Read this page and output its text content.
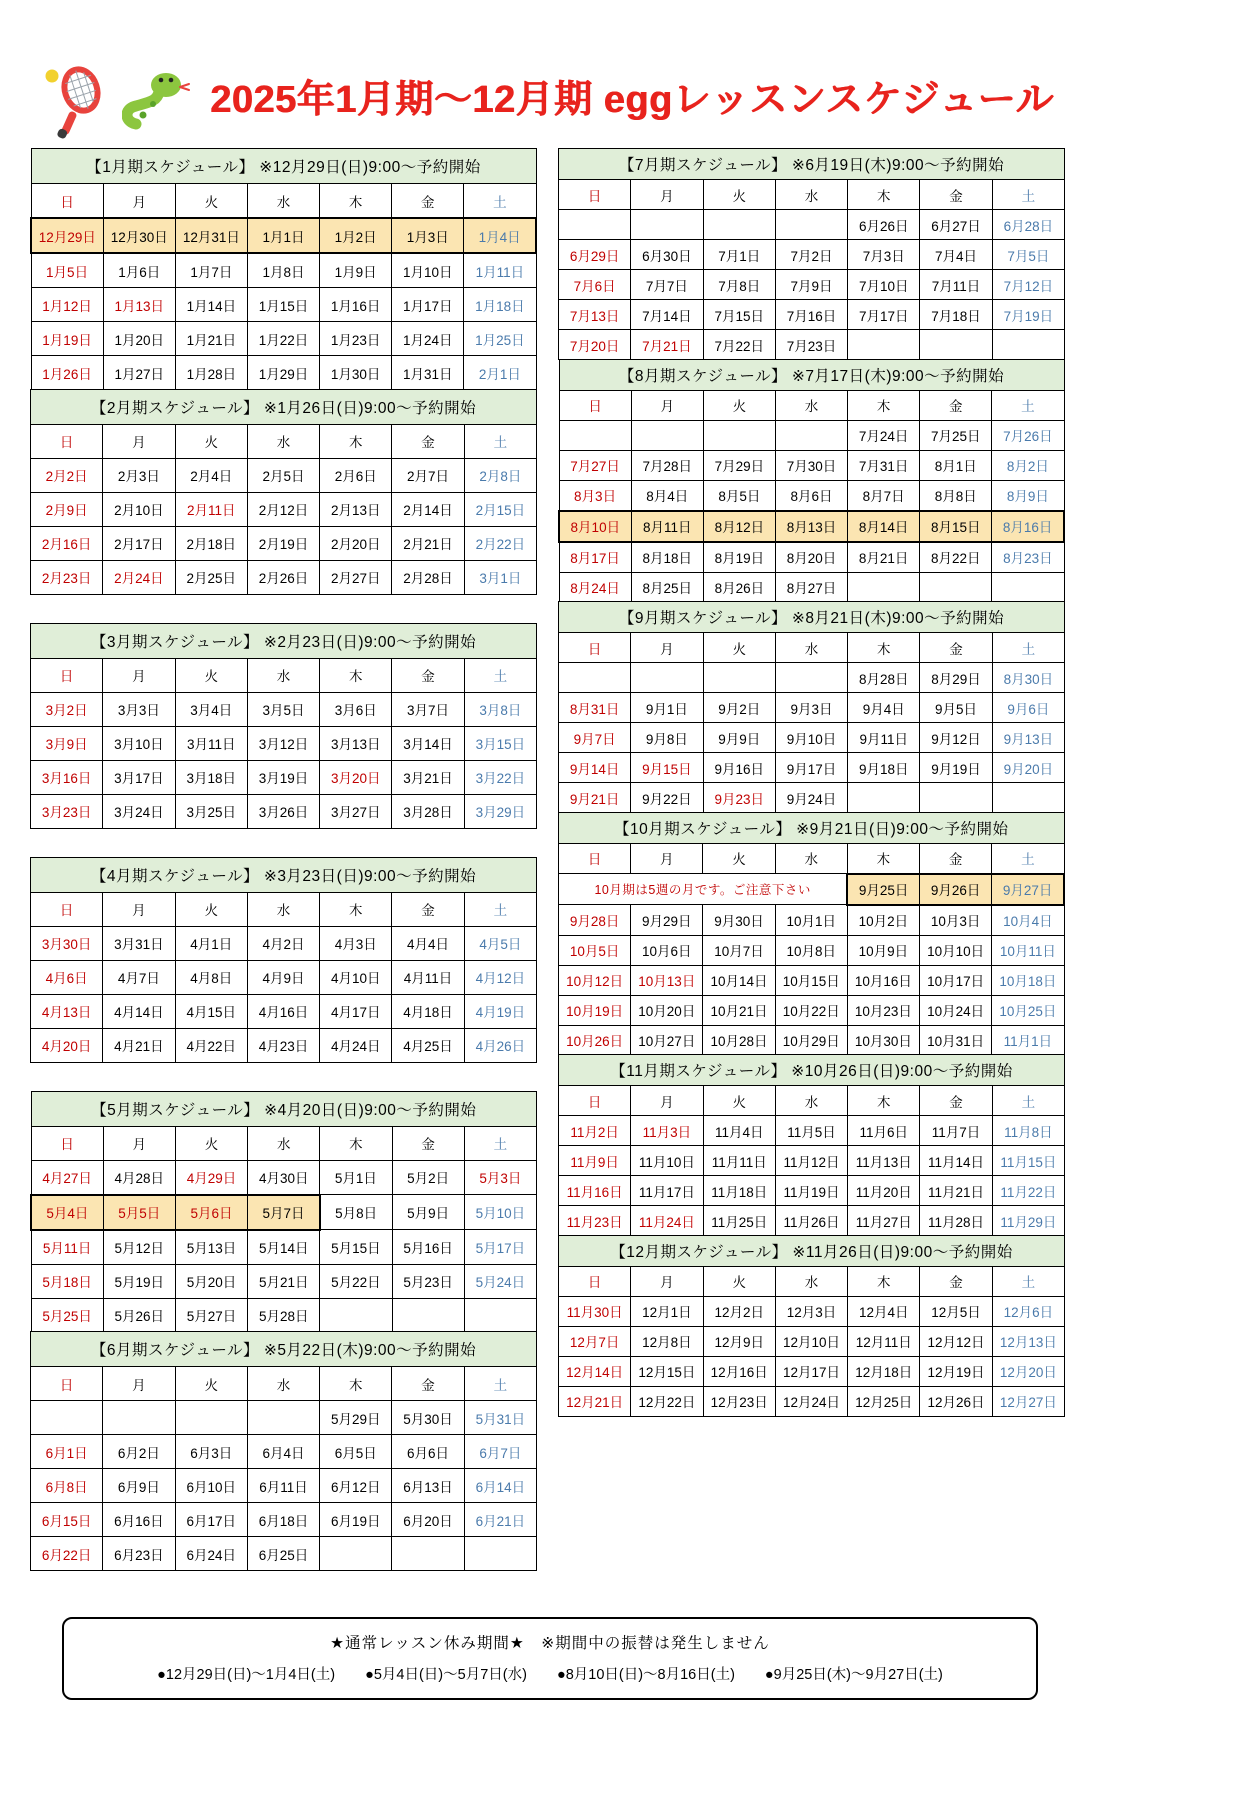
2025年1月期～12月期 eggレッスンスケジュール
【1月期スケジュール】 ※12月29日(日)9:00～予約開始						
日	月	火	水	木	金	土
12月29日	12月30日	12月31日	1月1日	1月2日	1月3日	1月4日
1月5日	1月6日	1月7日	1月8日	1月9日	1月10日	1月11日
1月12日	1月13日	1月14日	1月15日	1月16日	1月17日	1月18日
1月19日	1月20日	1月21日	1月22日	1月23日	1月24日	1月25日
1月26日	1月27日	1月28日	1月29日	1月30日	1月31日	2月1日
【2月期スケジュール】 ※1月26日(日)9:00～予約開始						
日	月	火	水	木	金	土
2月2日	2月3日	2月4日	2月5日	2月6日	2月7日	2月8日
2月9日	2月10日	2月11日	2月12日	2月13日	2月14日	2月15日
2月16日	2月17日	2月18日	2月19日	2月20日	2月21日	2月22日
2月23日	2月24日	2月25日	2月26日	2月27日	2月28日	3月1日
【3月期スケジュール】 ※2月23日(日)9:00～予約開始						
日	月	火	水	木	金	土
3月2日	3月3日	3月4日	3月5日	3月6日	3月7日	3月8日
3月9日	3月10日	3月11日	3月12日	3月13日	3月14日	3月15日
3月16日	3月17日	3月18日	3月19日	3月20日	3月21日	3月22日
3月23日	3月24日	3月25日	3月26日	3月27日	3月28日	3月29日
【4月期スケジュール】 ※3月23日(日)9:00～予約開始						
日	月	火	水	木	金	土
3月30日	3月31日	4月1日	4月2日	4月3日	4月4日	4月5日
4月6日	4月7日	4月8日	4月9日	4月10日	4月11日	4月12日
4月13日	4月14日	4月15日	4月16日	4月17日	4月18日	4月19日
4月20日	4月21日	4月22日	4月23日	4月24日	4月25日	4月26日
【5月期スケジュール】 ※4月20日(日)9:00～予約開始						
日	月	火	水	木	金	土
4月27日	4月28日	4月29日	4月30日	5月1日	5月2日	5月3日
5月4日	5月5日	5月6日	5月7日	5月8日	5月9日	5月10日
5月11日	5月12日	5月13日	5月14日	5月15日	5月16日	5月17日
5月18日	5月19日	5月20日	5月21日	5月22日	5月23日	5月24日
5月25日	5月26日	5月27日	5月28日			
【6月期スケジュール】 ※5月22日(木)9:00～予約開始						
日	月	火	水	木	金	土
				5月29日	5月30日	5月31日
6月1日	6月2日	6月3日	6月4日	6月5日	6月6日	6月7日
6月8日	6月9日	6月10日	6月11日	6月12日	6月13日	6月14日
6月15日	6月16日	6月17日	6月18日	6月19日	6月20日	6月21日
6月22日	6月23日	6月24日	6月25日			
【7月期スケジュール】 ※6月19日(木)9:00～予約開始						
日	月	火	水	木	金	土
				6月26日	6月27日	6月28日
6月29日	6月30日	7月1日	7月2日	7月3日	7月4日	7月5日
7月6日	7月7日	7月8日	7月9日	7月10日	7月11日	7月12日
7月13日	7月14日	7月15日	7月16日	7月17日	7月18日	7月19日
7月20日	7月21日	7月22日	7月23日			
【8月期スケジュール】 ※7月17日(木)9:00～予約開始						
日	月	火	水	木	金	土
				7月24日	7月25日	7月26日
7月27日	7月28日	7月29日	7月30日	7月31日	8月1日	8月2日
8月3日	8月4日	8月5日	8月6日	8月7日	8月8日	8月9日
8月10日	8月11日	8月12日	8月13日	8月14日	8月15日	8月16日
8月17日	8月18日	8月19日	8月20日	8月21日	8月22日	8月23日
8月24日	8月25日	8月26日	8月27日			
【9月期スケジュール】 ※8月21日(木)9:00～予約開始						
日	月	火	水	木	金	土
				8月28日	8月29日	8月30日
8月31日	9月1日	9月2日	9月3日	9月4日	9月5日	9月6日
9月7日	9月8日	9月9日	9月10日	9月11日	9月12日	9月13日
9月14日	9月15日	9月16日	9月17日	9月18日	9月19日	9月20日
9月21日	9月22日	9月23日	9月24日			
【10月期スケジュール】 ※9月21日(日)9:00～予約開始						
日	月	火	水	木	金	土
10月期は5週の月です。ご注意下さい				9月25日	9月26日	9月27日
9月28日	9月29日	9月30日	10月1日	10月2日	10月3日	10月4日
10月5日	10月6日	10月7日	10月8日	10月9日	10月10日	10月11日
10月12日	10月13日	10月14日	10月15日	10月16日	10月17日	10月18日
10月19日	10月20日	10月21日	10月22日	10月23日	10月24日	10月25日
10月26日	10月27日	10月28日	10月29日	10月30日	10月31日	11月1日
【11月期スケジュール】 ※10月26日(日)9:00～予約開始						
日	月	火	水	木	金	土
11月2日	11月3日	11月4日	11月5日	11月6日	11月7日	11月8日
11月9日	11月10日	11月11日	11月12日	11月13日	11月14日	11月15日
11月16日	11月17日	11月18日	11月19日	11月20日	11月21日	11月22日
11月23日	11月24日	11月25日	11月26日	11月27日	11月28日	11月29日
【12月期スケジュール】 ※11月26日(日)9:00～予約開始						
日	月	火	水	木	金	土
11月30日	12月1日	12月2日	12月3日	12月4日	12月5日	12月6日
12月7日	12月8日	12月9日	12月10日	12月11日	12月12日	12月13日
12月14日	12月15日	12月16日	12月17日	12月18日	12月19日	12月20日
12月21日	12月22日	12月23日	12月24日	12月25日	12月26日	12月27日
★通常レッスン休み期間★　※期間中の振替は発生しません
●12月29日(日)～1月4日(土) ●5月4日(日)～5月7日(水) ●8月10日(日)～8月16日(土) ●9月25日(木)～9月27日(土)
